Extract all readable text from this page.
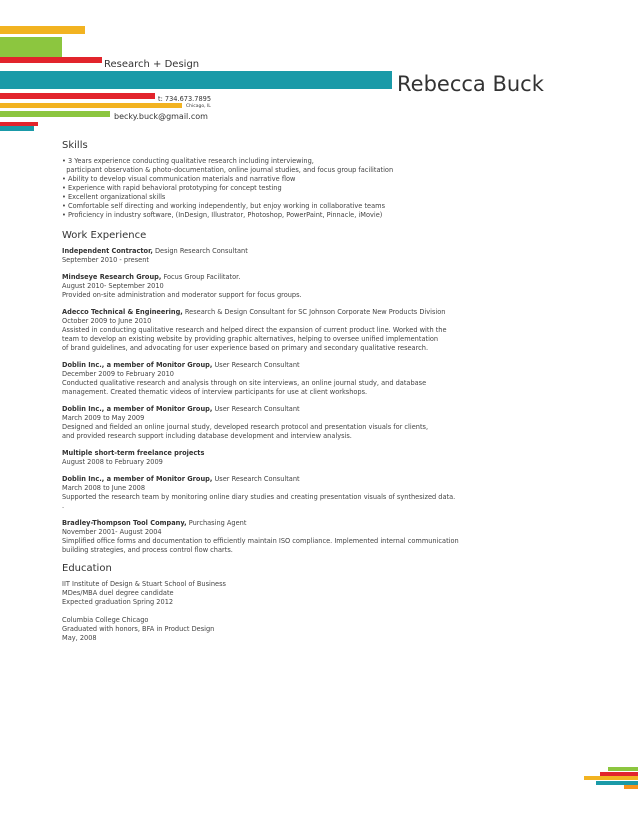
Research + Design
Rebecca Buck
t: 734.673.7895
Chicago, IL
becky.buck@gmail.com
Skills
• 3 Years experience conducting qualitative research including interviewing,
participant observation & photo-documentation, online journal studies, and focus group facilitation
• Ability to develop visual communication materials and narrative flow
• Experience with rapid behavioral prototyping for concept testing
• Excellent organizational skills
• Comfortable self directing and working independently, but enjoy working in collaborative teams
• Proficiency in industry software, (InDesign, Illustrator, Photoshop, PowerPaint, Pinnacle, iMovie)
Work Experience
Independent Contractor, Design Research Consultant
September 2010 - present
Mindseye Research Group, Focus Group Facilitator.
August 2010- September 2010
Provided on-site administration and moderator support for focus groups.
Adecco Technical & Engineering, Research & Design Consultant for SC Johnson Corporate New Products Division
October 2009 to June 2010
Assisted in conducting qualitative research and helped direct the expansion of current product line. Worked with the
team to develop an existing website by providing graphic alternatives, helping to oversee unified implementation
of brand guidelines, and advocating for user experience based on primary and secondary qualitative research.
Doblin Inc., a member of Monitor Group, User Research Consultant
December 2009 to February 2010
Conducted qualitative research and analysis through on site interviews, an online journal study, and database
management. Created thematic videos of interview participants for use at client workshops.
Doblin Inc., a member of Monitor Group, User Research Consultant
March 2009 to May 2009
Designed and fielded an online journal study, developed research protocol and presentation visuals for clients,
and provided research support including database development and interview analysis.
Multiple short-term freelance projects
August 2008 to February 2009
Doblin Inc., a member of Monitor Group, User Research Consultant
March 2008 to June 2008
Supported the research team by monitoring online diary studies and creating presentation visuals of synthesized data.
.
Bradley-Thompson Tool Company, Purchasing Agent
November 2001- August 2004
Simplified office forms and documentation to efficiently maintain ISO compliance. Implemented internal communication
building strategies, and process control flow charts.
Education
IIT Institute of Design & Stuart School of Business
MDes/MBA duel degree candidate
Expected graduation Spring 2012
Columbia College Chicago
Graduated with honors, BFA in Product Design
May, 2008
